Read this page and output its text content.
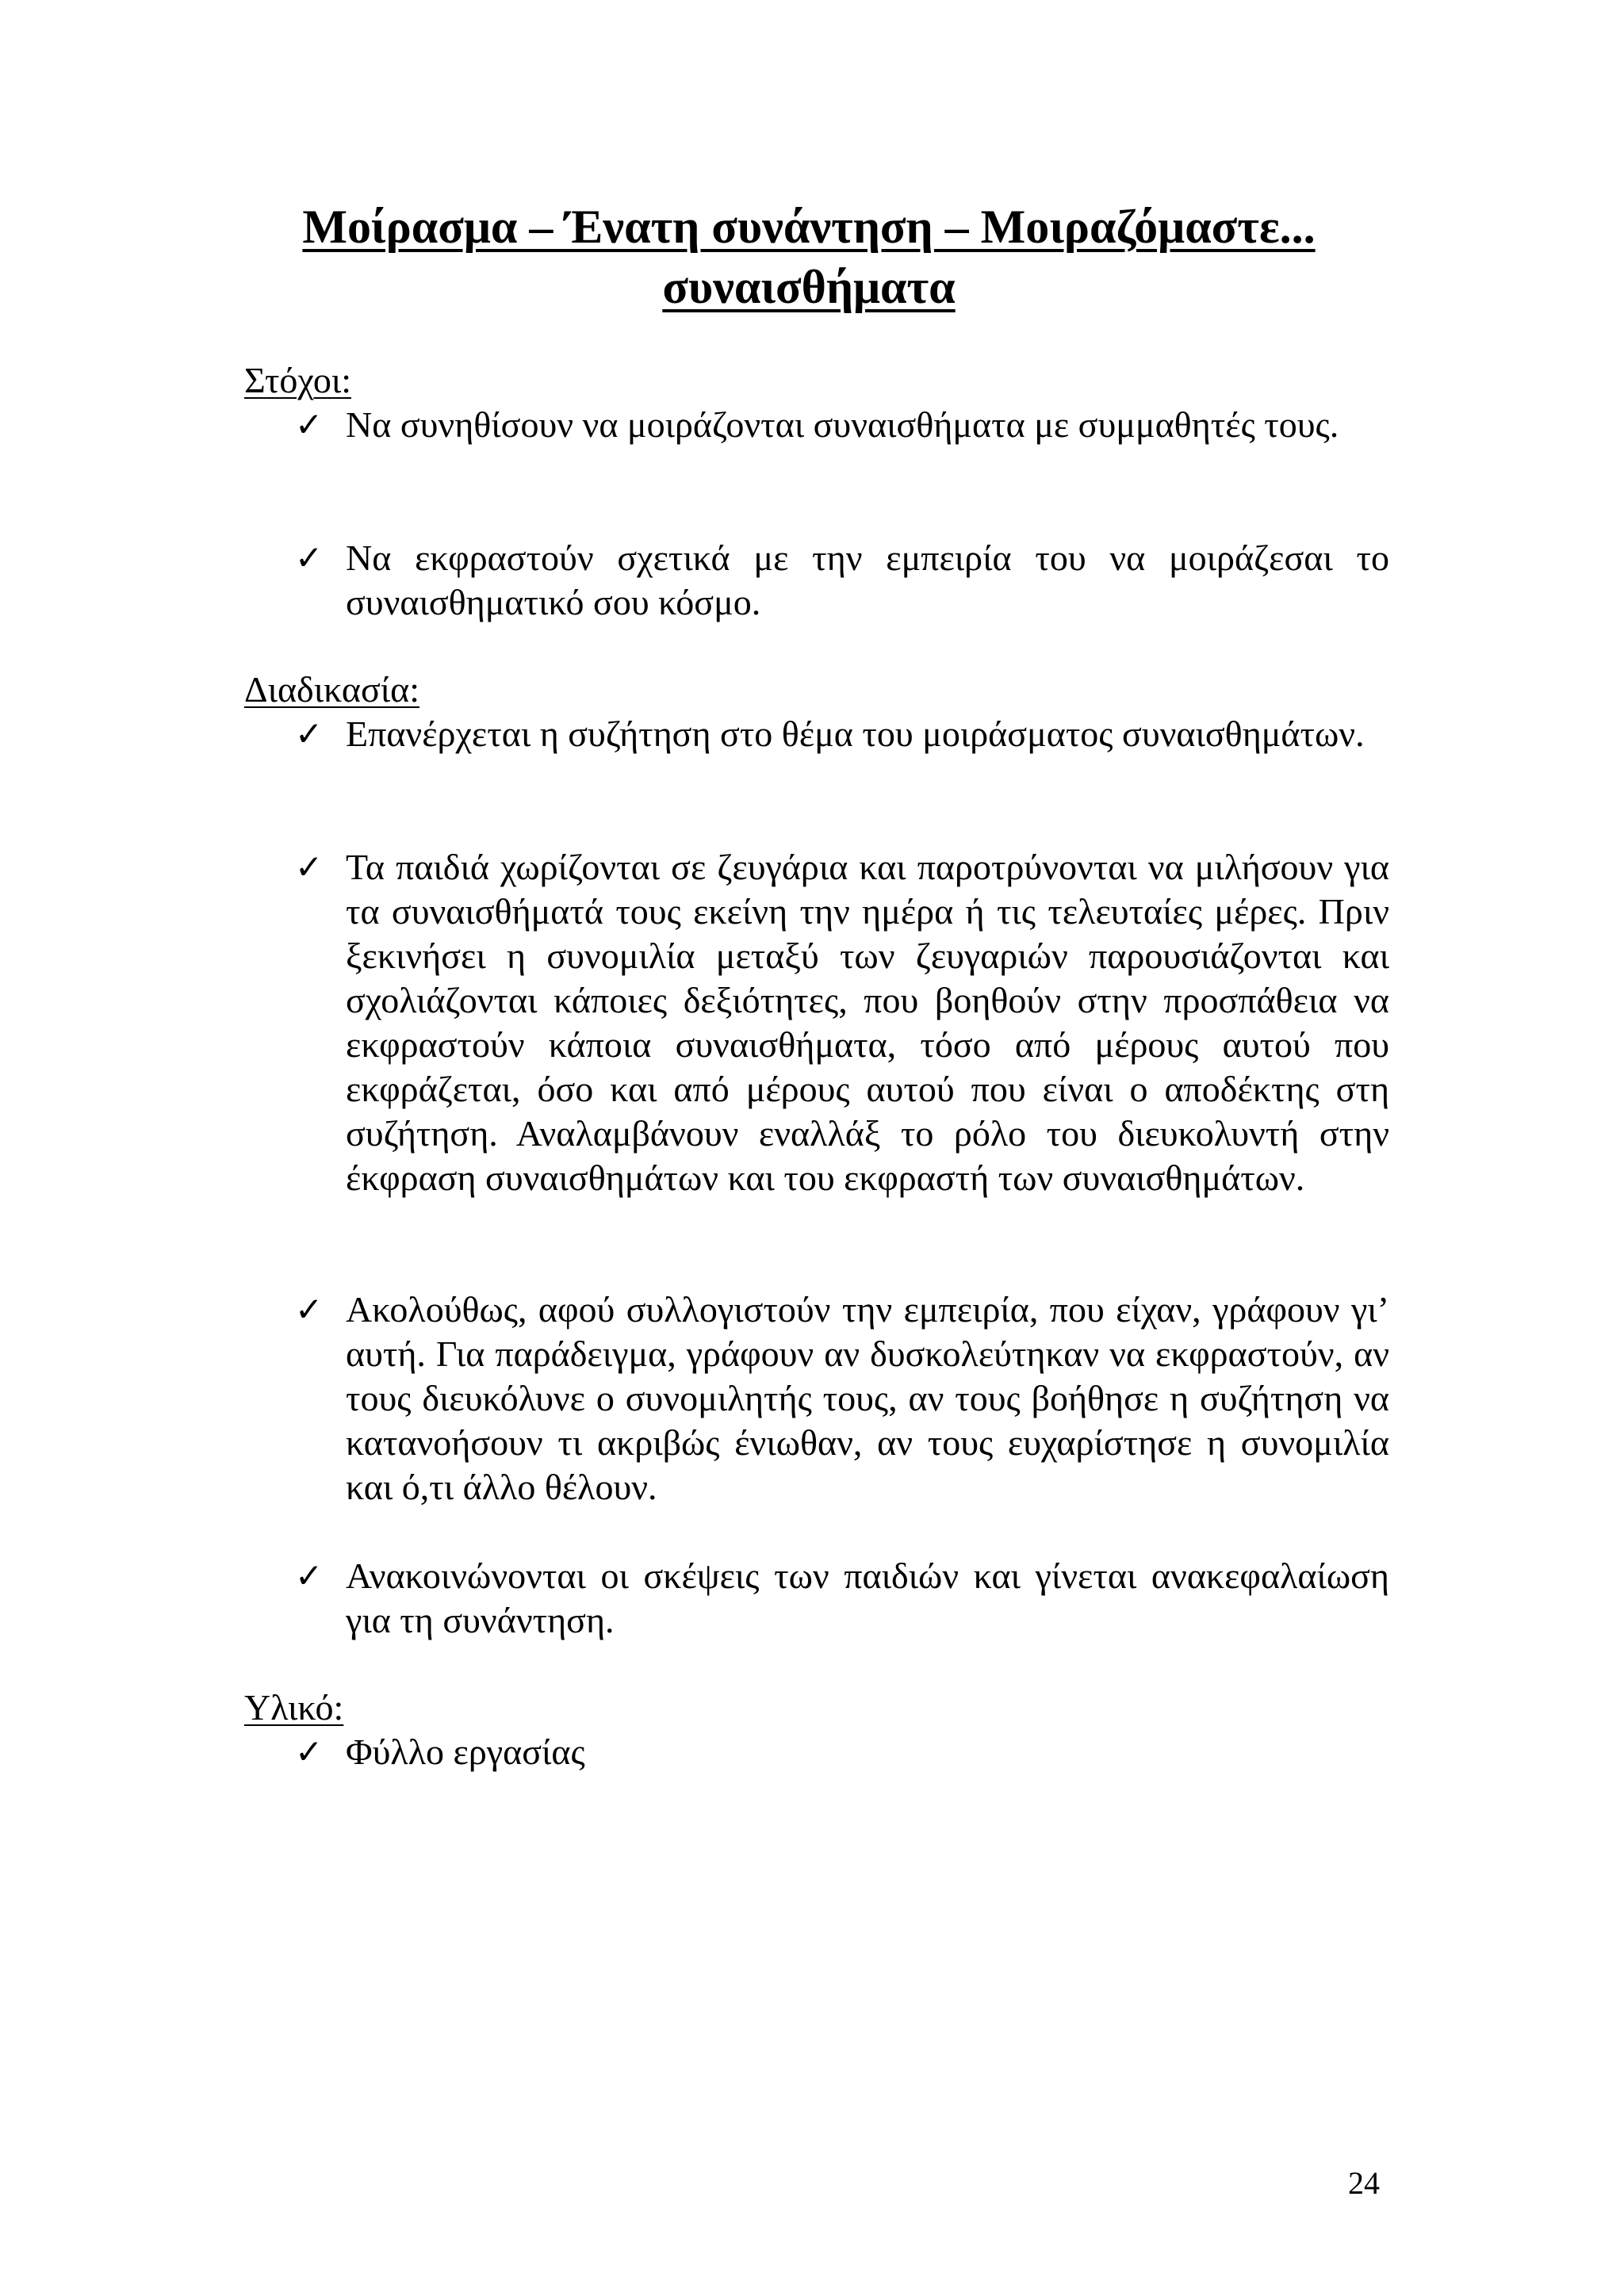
Μοίρασμα – Ένατη συνάντηση – Μοιραζόμαστε...
συναισθήματα
Στόχοι:
✓ Να συνηθίσουν να μοιράζονται συναισθήματα με συμμαθητές τους.
✓ Να εκφραστούν σχετικά με την εμπειρία του να μοιράζεσαι το συναισθηματικό σου κόσμο.
Διαδικασία:
✓ Επανέρχεται η συζήτηση στο θέμα του μοιράσματος συναισθημάτων.
✓ Τα παιδιά χωρίζονται σε ζευγάρια και παροτρύνονται να μιλήσουν για τα συναισθήματά τους εκείνη την ημέρα ή τις τελευταίες μέρες. Πριν ξεκινήσει η συνομιλία μεταξύ των ζευγαριών παρουσιάζονται και σχολιάζονται κάποιες δεξιότητες, που βοηθούν στην προσπάθεια να εκφραστούν κάποια συναισθήματα, τόσο από μέρους αυτού που εκφράζεται, όσο και από μέρους αυτού που είναι ο αποδέκτης στη συζήτηση. Αναλαμβάνουν εναλλάξ το ρόλο του διευκολυντή στην έκφραση συναισθημάτων και του εκφραστή των συναισθημάτων.
✓ Ακολούθως, αφού συλλογιστούν την εμπειρία, που είχαν, γράφουν γι’ αυτή. Για παράδειγμα, γράφουν αν δυσκολεύτηκαν να εκφραστούν, αν τους διευκόλυνε ο συνομιλητής τους, αν τους βοήθησε η συζήτηση να κατανοήσουν τι ακριβώς ένιωθαν, αν τους ευχαρίστησε η συνομιλία και ό,τι άλλο θέλουν.
✓ Ανακοινώνονται οι σκέψεις των παιδιών και γίνεται ανακεφαλαίωση για τη συνάντηση.
Υλικό:
✓ Φύλλο εργασίας
24
